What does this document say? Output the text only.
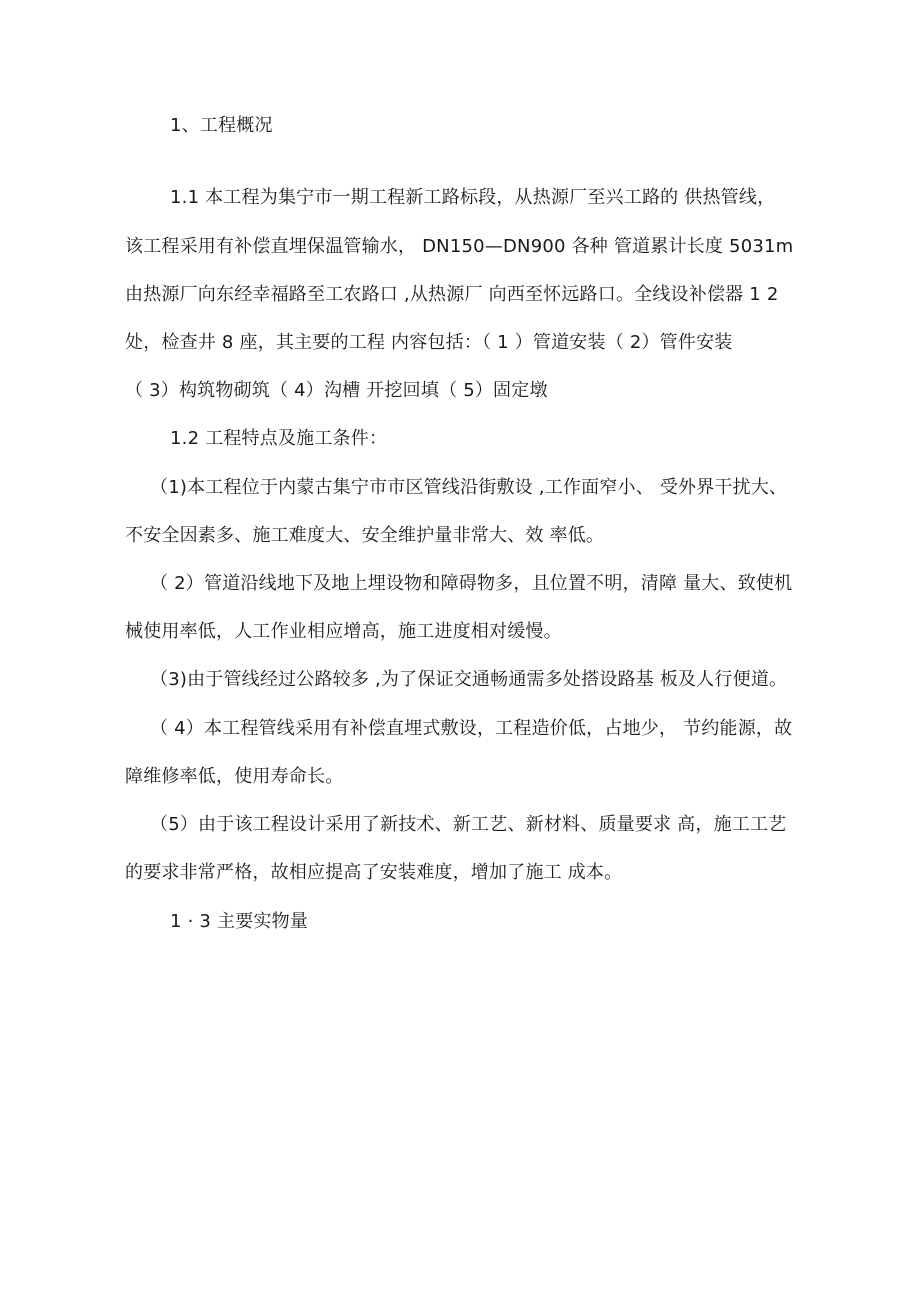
1、工程概况
1.1 本工程为集宁市一期工程新工路标段，从热源厂至兴工路的 供热管线，
该工程采用有补偿直埋保温管输水， DN150—DN900 各种 管道累计长度 5031m
由热源厂向东经幸福路至工农路口 ,从热源厂 向西至怀远路口。全线设补偿器 1 2
处，检查井 8 座，其主要的工程 内容包括：（ 1 ）管道安装（ 2）管件安装
（ 3）构筑物砌筑（ 4）沟槽 开挖回填（ 5）固定墩
1.2 工程特点及施工条件：
（1)本工程位于内蒙古集宁市市区管线沿街敷设 ,工作面窄小、 受外界干扰大、
不安全因素多、施工难度大、安全维护量非常大、效 率低。
（ 2）管道沿线地下及地上埋设物和障碍物多，且位置不明，清障 量大、致使机
械使用率低，人工作业相应增高，施工进度相对缓慢。
（3)由于管线经过公路较多 ,为了保证交通畅通需多处搭设路基 板及人行便道。
（ 4）本工程管线采用有补偿直埋式敷设，工程造价低，占地少， 节约能源，故
障维修率低，使用寿命长。
（5）由于该工程设计采用了新技术、新工艺、新材料、质量要求 高，施工工艺
的要求非常严格，故相应提高了安装难度，增加了施工 成本。
1 · 3 主要实物量
